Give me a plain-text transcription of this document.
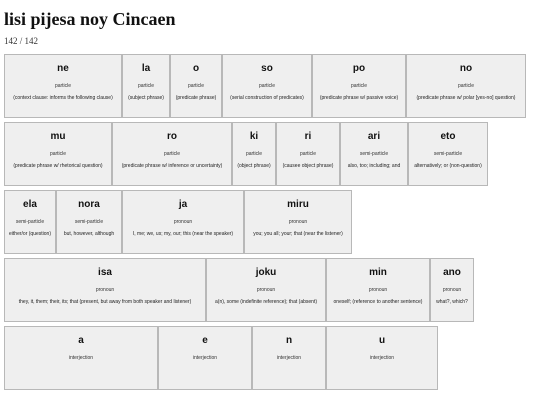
lisi pijesa noy Cincaen
142 / 142
ne
particle
(context clause: informs the following clause)
la
particle
(subject phrase)
o
particle
(predicate phrase)
so
particle
(serial construction of predicates)
po
particle
(predicate phrase w/ passive voice)
no
particle
(predicate phrase w/ polar [yes-no] question)
mu
particle
(predicate phrase w/ rhetorical question)
ro
particle
(predicate phrase w/ inference or uncertainty)
ki
particle
(object phrase)
ri
particle
(causee object phrase)
ari
semi-particle
also, too; including; and
eto
semi-particle
alternatively; or (non-question)
ela
semi-particle
either/or (question)
nora
semi-particle
but, however, although
ja
pronoun
I, me; we, us; my, our; this (near the speaker)
miru
pronoun
you; you all; your; that (near the listener)
isa
pronoun
they, it, them; their, its; that (present, but away from both speaker and listener)
joku
pronoun
a(n), some (indefinite reference); that (absent)
min
pronoun
oneself; (reference to another sentence)
ano
pronoun
what?, which?
a
interjection
e
interjection
n
interjection
u
interjection
